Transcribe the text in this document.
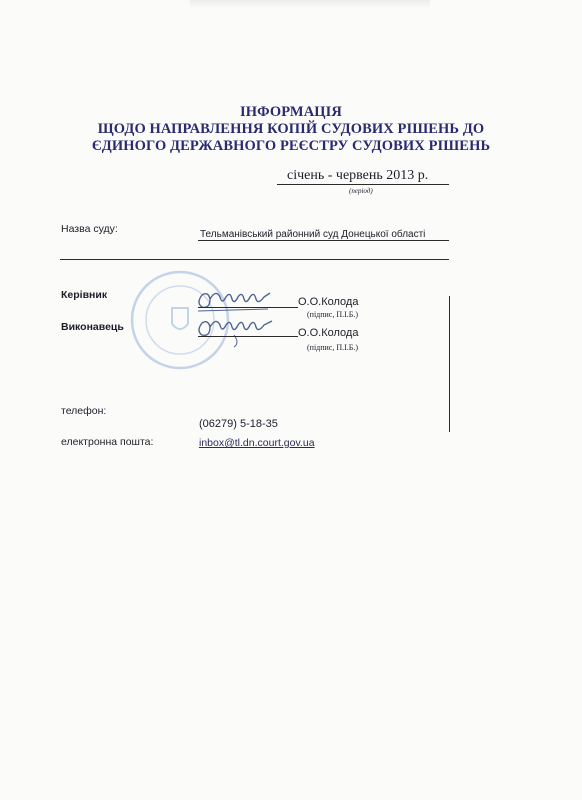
ІНФОРМАЦІЯ
ЩОДО НАПРАВЛЕННЯ КОПІЙ СУДОВИХ РІШЕНЬ ДО
ЄДИНОГО ДЕРЖАВНОГО РЕЄСТРУ СУДОВИХ РІШЕНЬ
січень - червень 2013 р.
(період)
Назва суду:	Тельманівський районний суд Донецької області
Керівник
О.О.Колода
(підпис, П.І.Б.)
Виконавець	О.О.Колода
(підпис, П.І.Б.)
телефон:
(06279) 5-18-35
електронна пошта:	inbox@tl.dn.court.gov.ua
